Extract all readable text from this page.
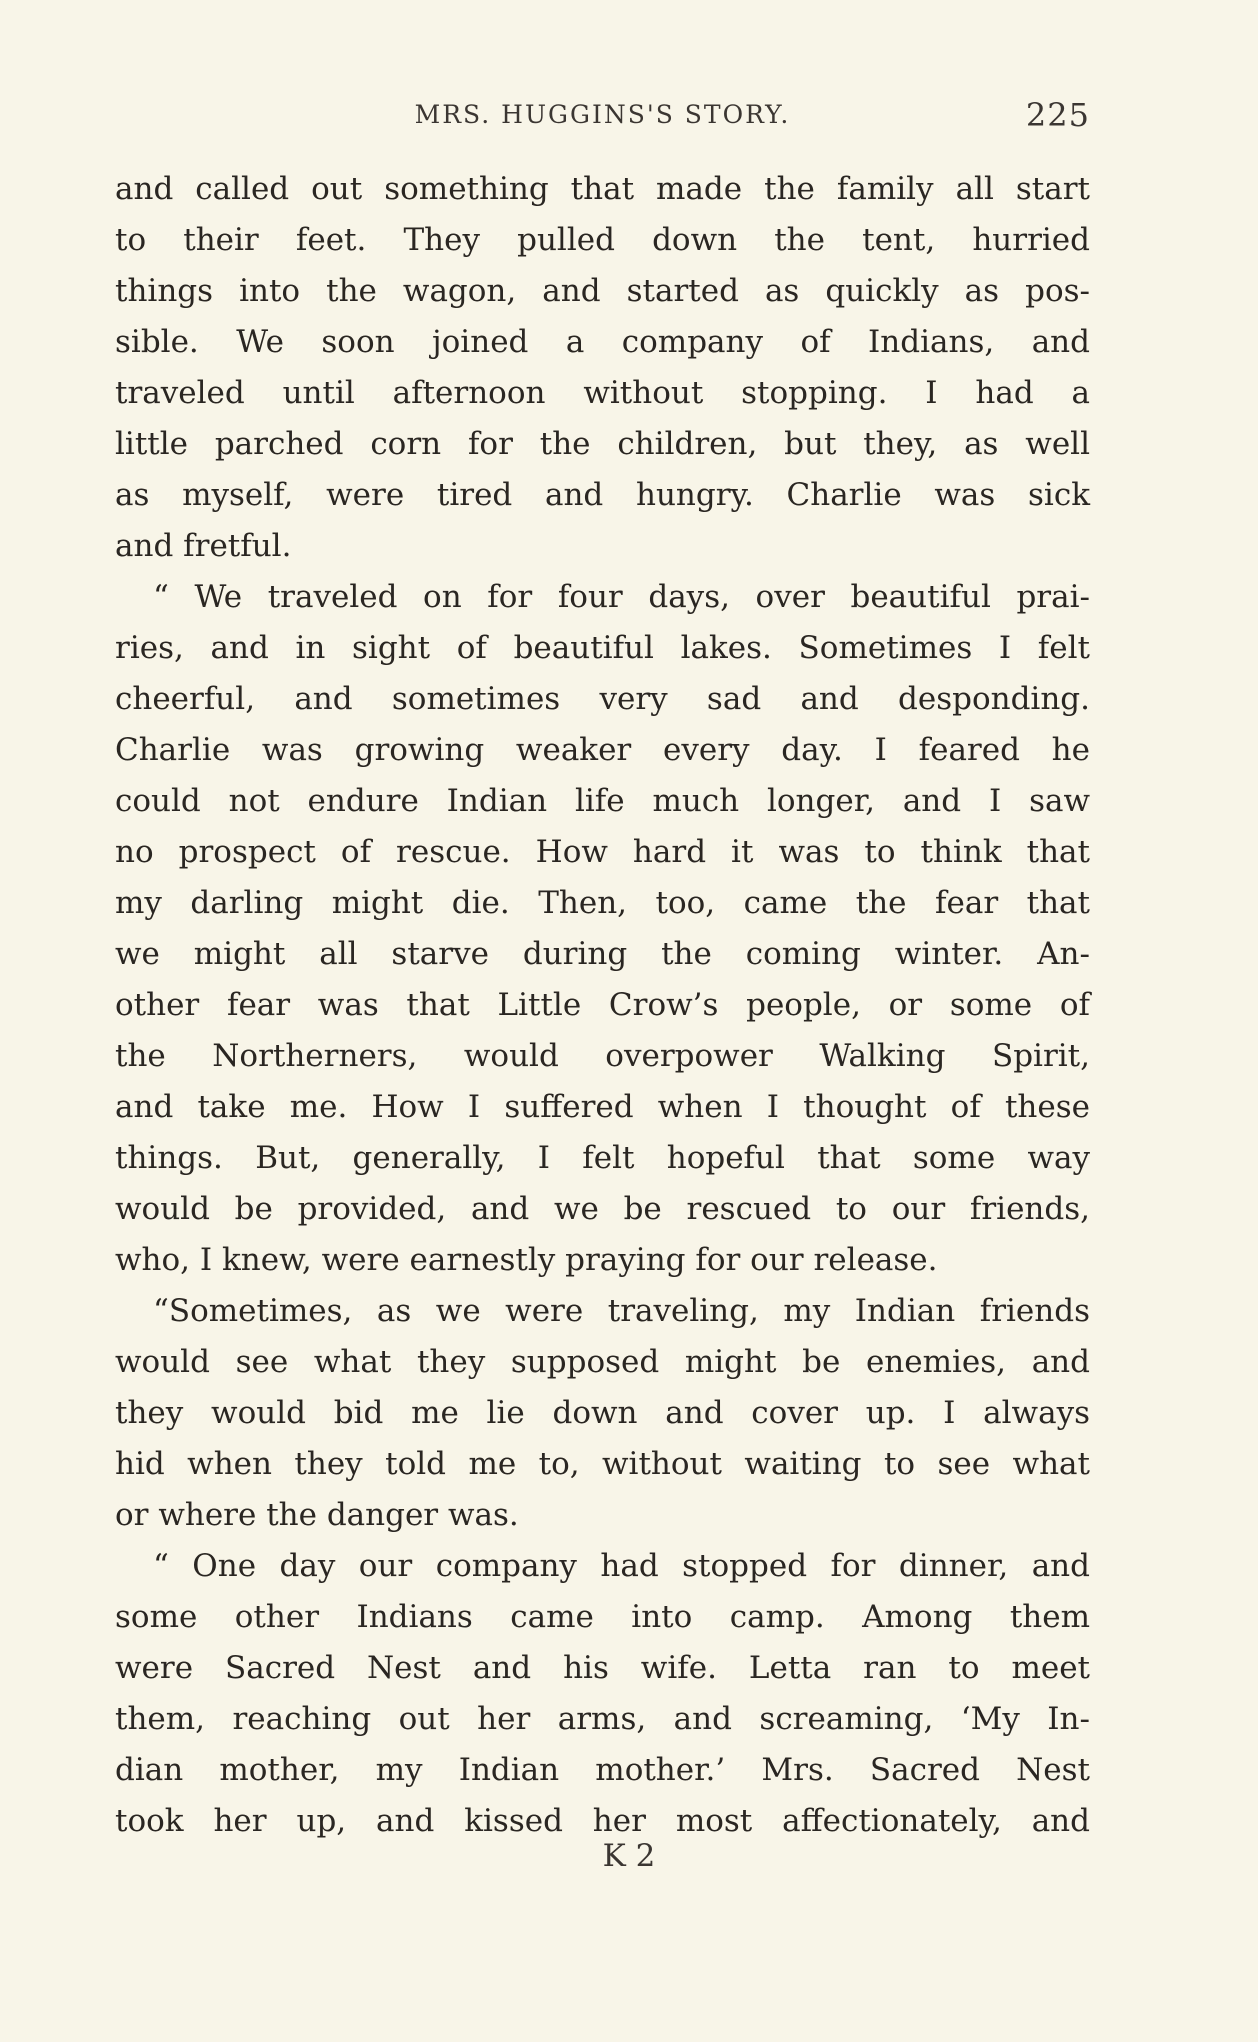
MRS. HUGGINS'S STORY.	225
and called out something that made the family all start
to their feet. They pulled down the tent, hurried
things into the wagon, and started as quickly as pos-
sible. We soon joined a company of Indians, and
traveled until afternoon without stopping. I had a
little parched corn for the children, but they, as well
as myself, were tired and hungry. Charlie was sick
and fretful.
“ We traveled on for four days, over beautiful prai-
ries, and in sight of beautiful lakes. Sometimes I felt
cheerful, and sometimes very sad and desponding.
Charlie was growing weaker every day. I feared he
could not endure Indian life much longer, and I saw
no prospect of rescue. How hard it was to think that
my darling might die. Then, too, came the fear that
we might all starve during the coming winter. An-
other fear was that Little Crow’s people, or some of
the Northerners, would overpower Walking Spirit,
and take me. How I suffered when I thought of these
things. But, generally, I felt hopeful that some way
would be provided, and we be rescued to our friends,
who, I knew, were earnestly praying for our release.
“Sometimes, as we were traveling, my Indian friends
would see what they supposed might be enemies, and
they would bid me lie down and cover up. I always
hid when they told me to, without waiting to see what
or where the danger was.
“ One day our company had stopped for dinner, and
some other Indians came into camp. Among them
were Sacred Nest and his wife. Letta ran to meet
them, reaching out her arms, and screaming, ‘My In-
dian mother, my Indian mother.’ Mrs. Sacred Nest
took her up, and kissed her most affectionately, and
K 2
